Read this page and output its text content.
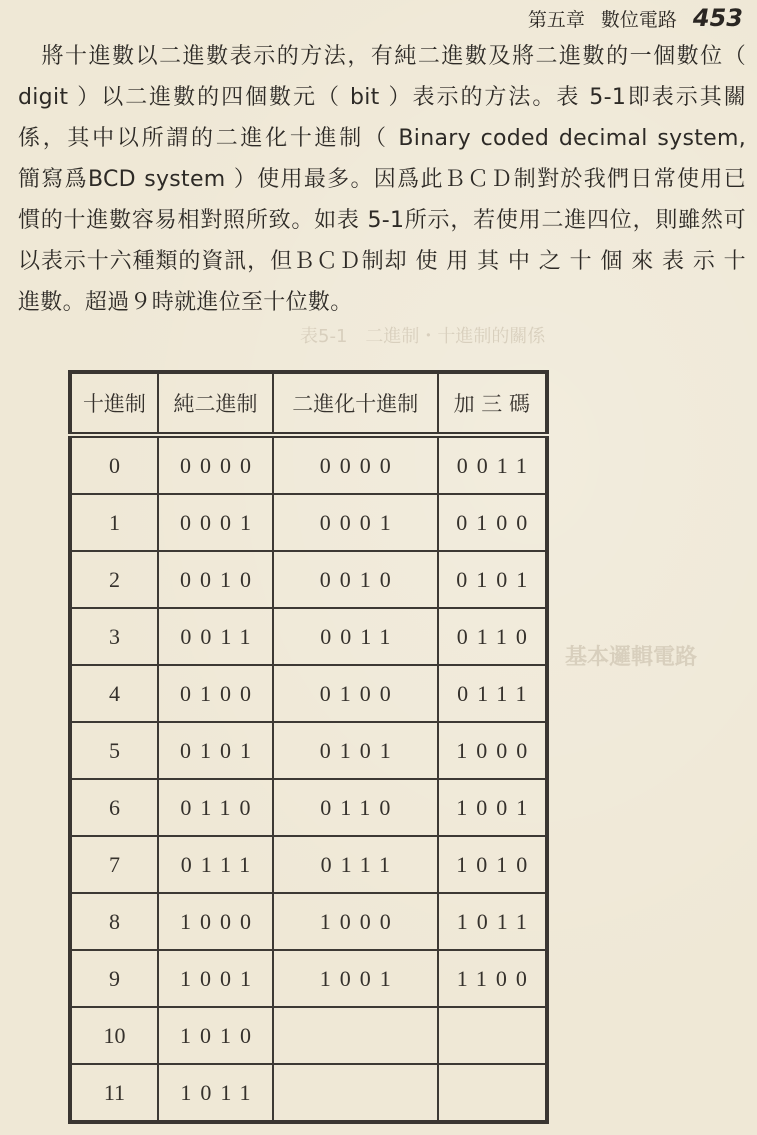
第五章 數位電路 453
表5-1　二進制・十進制的關係
基本邏輯電路
　將十進數以二進數表示的方法，有純二進數及將二進數的一個數位（
digit ）以二進數的四個數元（ bit ）表示的方法。表 5-1即表示其關
係，其中以所謂的二進化十進制（ Binary coded decimal system,
簡寫爲BCD system ）使用最多。因爲此ＢＣＤ制對於我們日常使用已
慣的十進數容易相對照所致。如表 5-1所示，若使用二進四位，則雖然可
以表示十六種類的資訊，但ＢＣＤ制却 使 用 其 中 之 十 個 來 表 示 十
進數。超過９時就進位至十位數。
十進制	純二進制	二進化十進制	加 三 碼
0	0000	0000	0011
1	0001	0001	0100
2	0010	0010	0101
3	0011	0011	0110
4	0100	0100	0111
5	0101	0101	1000
6	0110	0110	1001
7	0111	0111	1010
8	1000	1000	1011
9	1001	1001	1100
10	1010		
11	1011		
